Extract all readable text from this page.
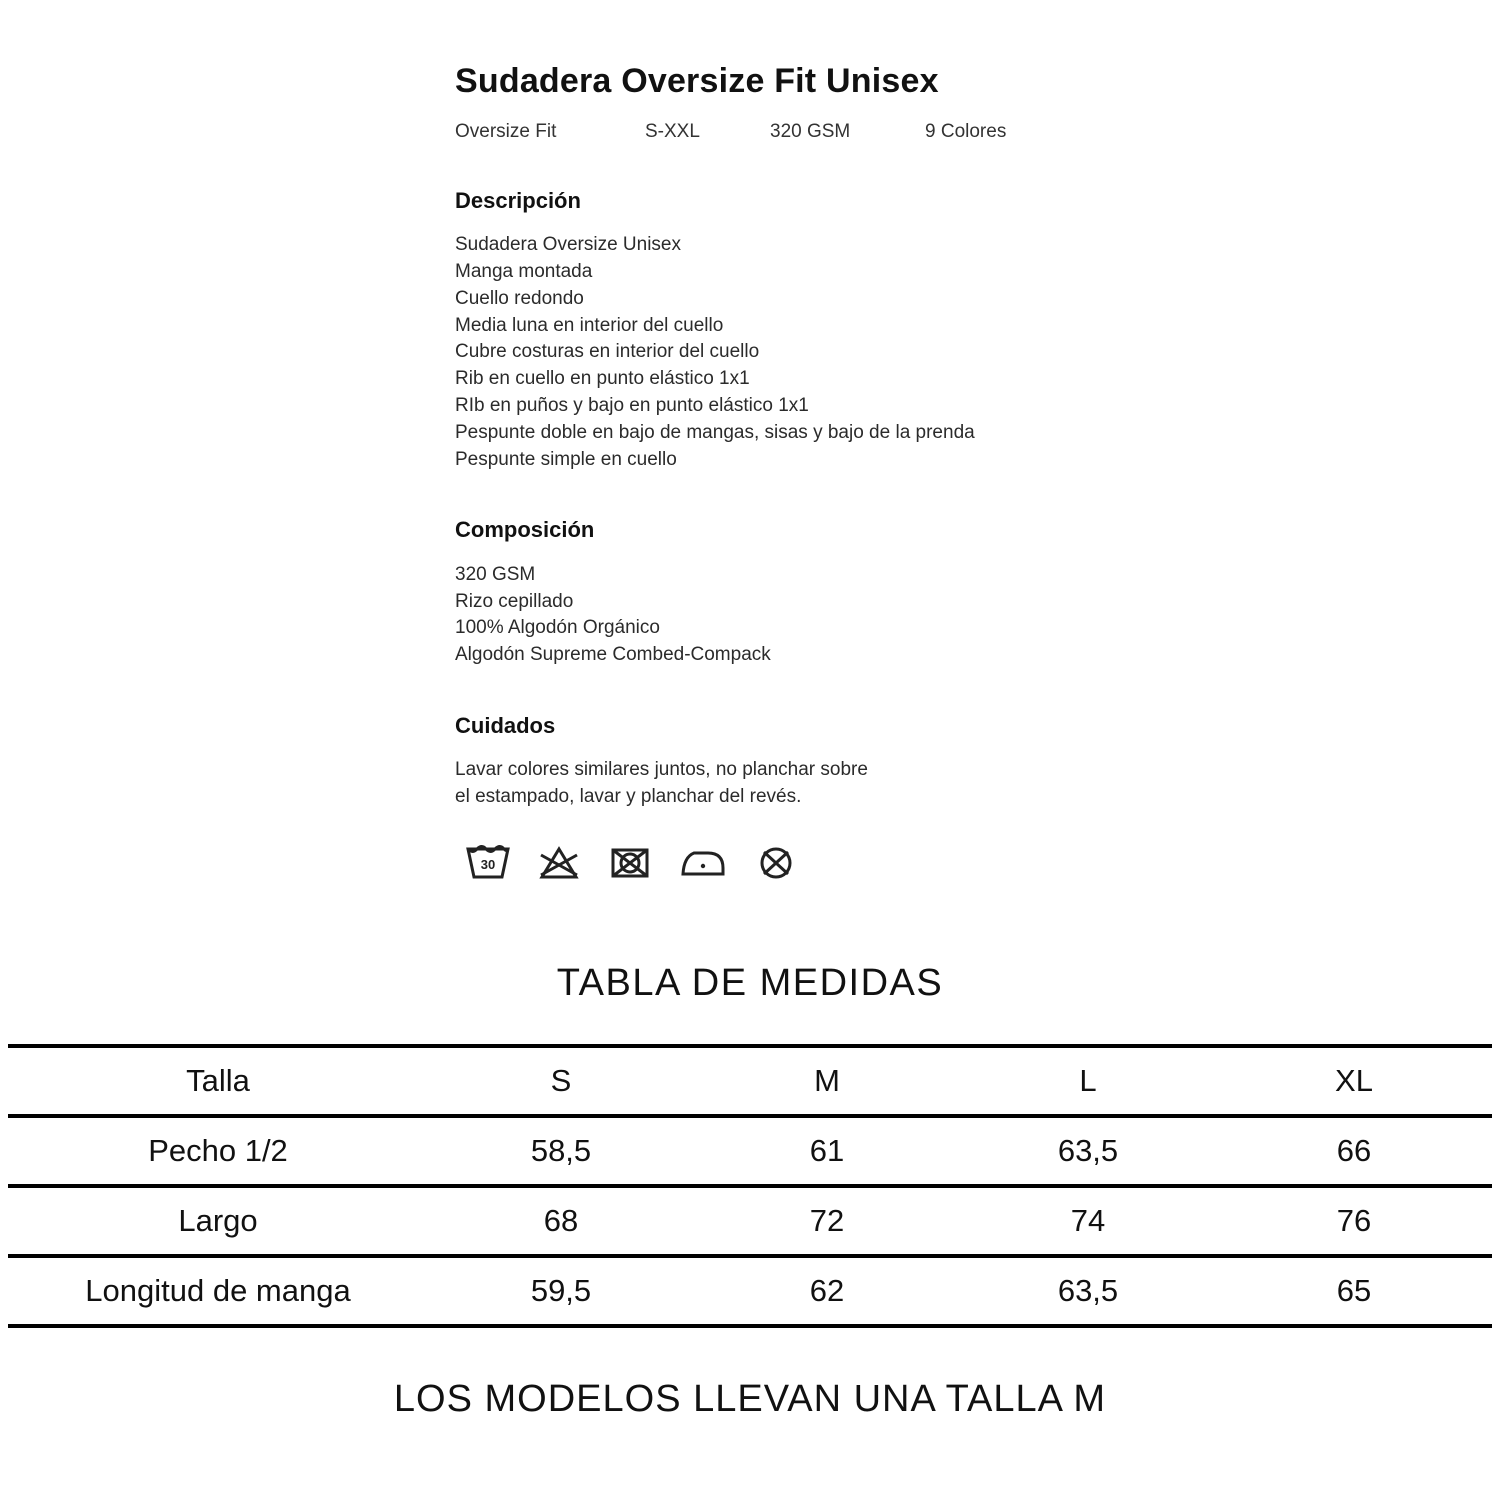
Sudadera Oversize Fit Unisex
Oversize Fit	S-XXL	320 GSM	9 Colores
Descripción
Sudadera Oversize Unisex
Manga montada
Cuello redondo
Media luna en interior del cuello
Cubre costuras en interior del cuello
Rib en cuello en punto elástico 1x1
RIb en puños y bajo en punto elástico 1x1
Pespunte doble en bajo de mangas, sisas y bajo de la prenda
Pespunte simple en cuello
Composición
320 GSM
Rizo cepillado
100% Algodón Orgánico
Algodón Supreme Combed-Compack
Cuidados
Lavar colores similares juntos, no planchar sobre
el estampado, lavar y planchar del revés.
30
TABLA DE MEDIDAS
Talla	S	M	L	XL
Pecho 1/2	58,5	61	63,5	66
Largo	68	72	74	76
Longitud de manga	59,5	62	63,5	65
LOS MODELOS LLEVAN UNA TALLA M
